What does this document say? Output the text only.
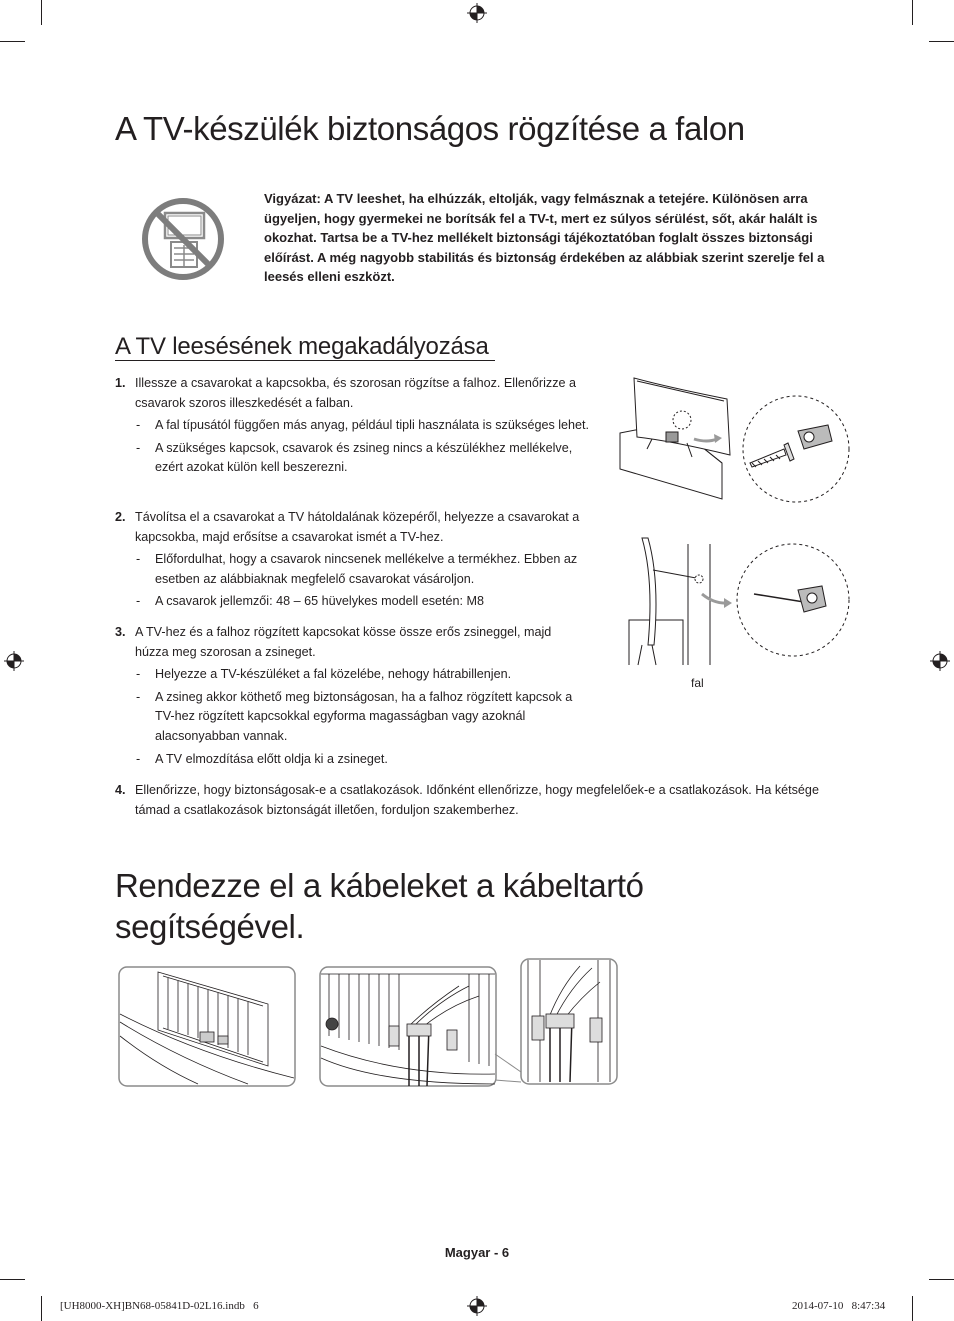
A TV-készülék biztonságos rögzítése a falon
Vigyázat: A TV leeshet, ha elhúzzák, eltolják, vagy felmásznak a tetejére. Különösen arra ügyeljen, hogy gyermekei ne borítsák fel a TV-t, mert ez súlyos sérülést, sőt, akár halált is okozhat. Tartsa be a TV-hez mellékelt biztonsági tájékoztatóban foglalt összes biztonsági előírást. A még nagyobb stabilitás és biztonság érdekében az alábbiak szerint szerelje fel a leesés elleni eszközt.
A TV leesésének megakadályozása
1. Illessze a csavarokat a kapcsokba, és szorosan rögzítse a falhoz. Ellenőrizze a csavarok szoros illeszkedését a falban.
- A fal típusától függően más anyag, például tipli használata is szükséges lehet.
- A szükséges kapcsok, csavarok és zsineg nincs a készülékhez mellékelve, ezért azokat külön kell beszerezni.
2. Távolítsa el a csavarokat a TV hátoldalának közepéről, helyezze a csavarokat a kapcsokba, majd erősítse a csavarokat ismét a TV-hez.
- Előfordulhat, hogy a csavarok nincsenek mellékelve a termékhez. Ebben az esetben az alábbiaknak megfelelő csavarokat vásároljon.
- A csavarok jellemzői: 48 – 65 hüvelykes modell esetén: M8
3. A TV-hez és a falhoz rögzített kapcsokat kösse össze erős zsineggel, majd húzza meg szorosan a zsineget.
- Helyezze a TV-készüléket a fal közelébe, nehogy hátrabillenjen.
- A zsineg akkor köthető meg biztonságosan, ha a falhoz rögzített kapcsok a TV-hez rögzített kapcsokkal egyforma magasságban vagy azoknál alacsonyabban vannak.
- A TV elmozdítása előtt oldja ki a zsineget.
4. Ellenőrizze, hogy biztonságosak-e a csatlakozások. Időnként ellenőrizze, hogy megfelelőek-e a csatlakozások. Ha kétsége támad a csatlakozások biztonságát illetően, forduljon szakemberhez.
fal
Rendezze el a kábeleket a kábeltartó segítségével.
Magyar - 6
[UH8000-XH]BN68-05841D-02L16.indb   6	2014-07-10   8:47:34
